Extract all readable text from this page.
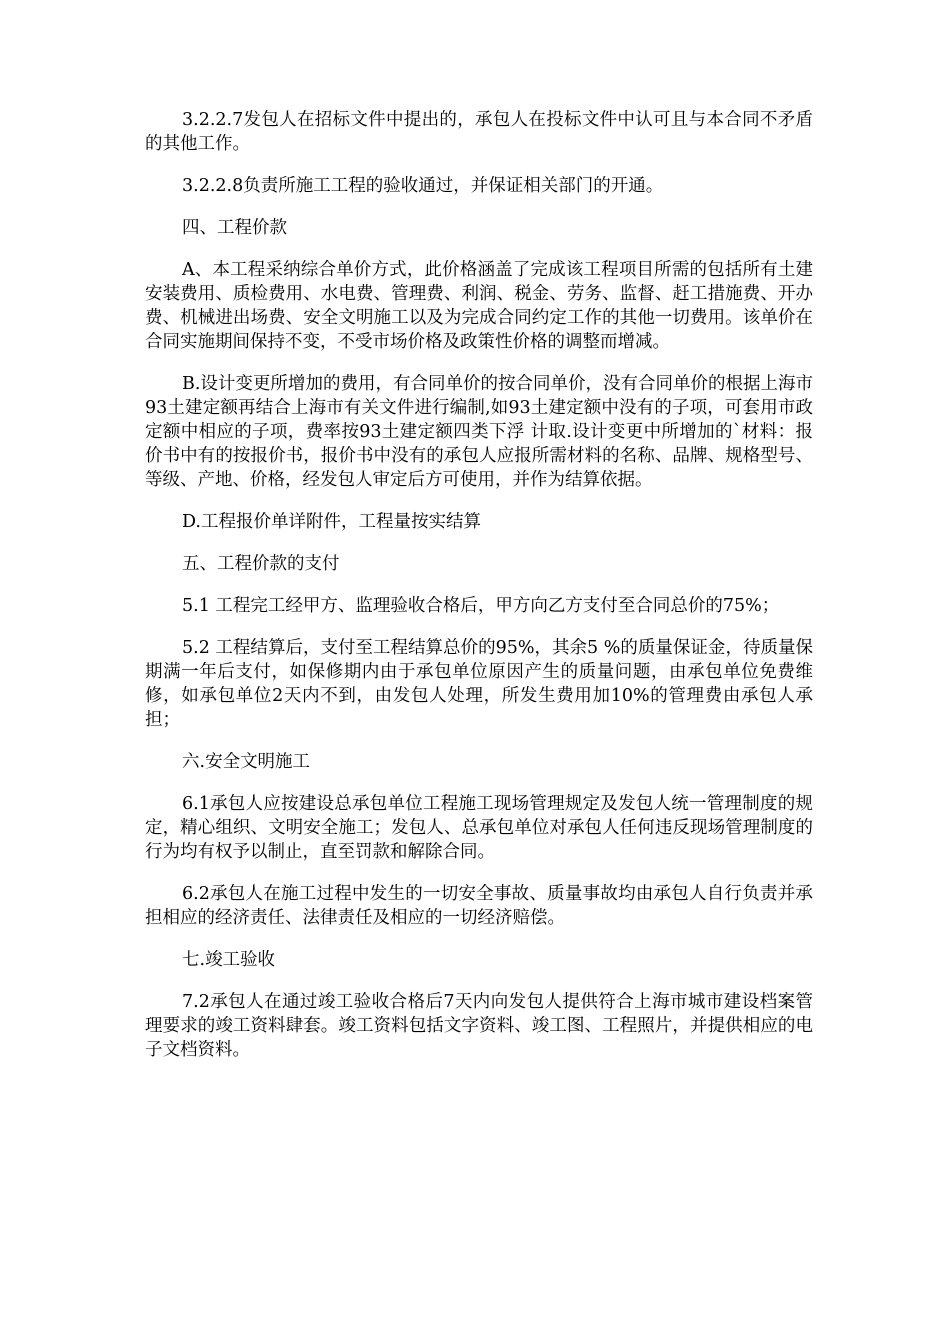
3.2.2.7发包人在招标文件中提出的，承包人在投标文件中认可且与本合同不矛盾的其他工作。

3.2.2.8负责所施工工程的验收通过，并保证相关部门的开通。

四、工程价款

A、本工程采纳综合单价方式，此价格涵盖了完成该工程项目所需的包括所有土建安装费用、质检费用、水电费、管理费、利润、税金、劳务、监督、赶工措施费、开办费、机械进出场费、安全文明施工以及为完成合同约定工作的其他一切费用。该单价在合同实施期间保持不变，不受市场价格及政策性价格的调整而增减。

B.设计变更所增加的费用，有合同单价的按合同单价，没有合同单价的根据上海市93土建定额再结合上海市有关文件进行编制,如93土建定额中没有的子项，可套用市政定额中相应的子项，费率按93土建定额四类下浮 计取.设计变更中所增加的`材料：报价书中有的按报价书，报价书中没有的承包人应报所需材料的名称、品牌、规格型号、等级、产地、价格，经发包人审定后方可使用，并作为结算依据。

D.工程报价单详附件，工程量按实结算

五、工程价款的支付

5.1 工程完工经甲方、监理验收合格后，甲方向乙方支付至合同总价的75%；

5.2 工程结算后，支付至工程结算总价的95%，其余5 %的质量保证金，待质量保期满一年后支付，如保修期内由于承包单位原因产生的质量问题，由承包单位免费维修，如承包单位2天内不到，由发包人处理，所发生费用加10%的管理费由承包人承担；

六.安全文明施工

6.1承包人应按建设总承包单位工程施工现场管理规定及发包人统一管理制度的规定，精心组织、文明安全施工；发包人、总承包单位对承包人任何违反现场管理制度的行为均有权予以制止，直至罚款和解除合同。

6.2承包人在施工过程中发生的一切安全事故、质量事故均由承包人自行负责并承担相应的经济责任、法律责任及相应的一切经济赔偿。

七.竣工验收

7.2承包人在通过竣工验收合格后7天内向发包人提供符合上海市城市建设档案管理要求的竣工资料肆套。竣工资料包括文字资料、竣工图、工程照片，并提供相应的电子文档资料。
